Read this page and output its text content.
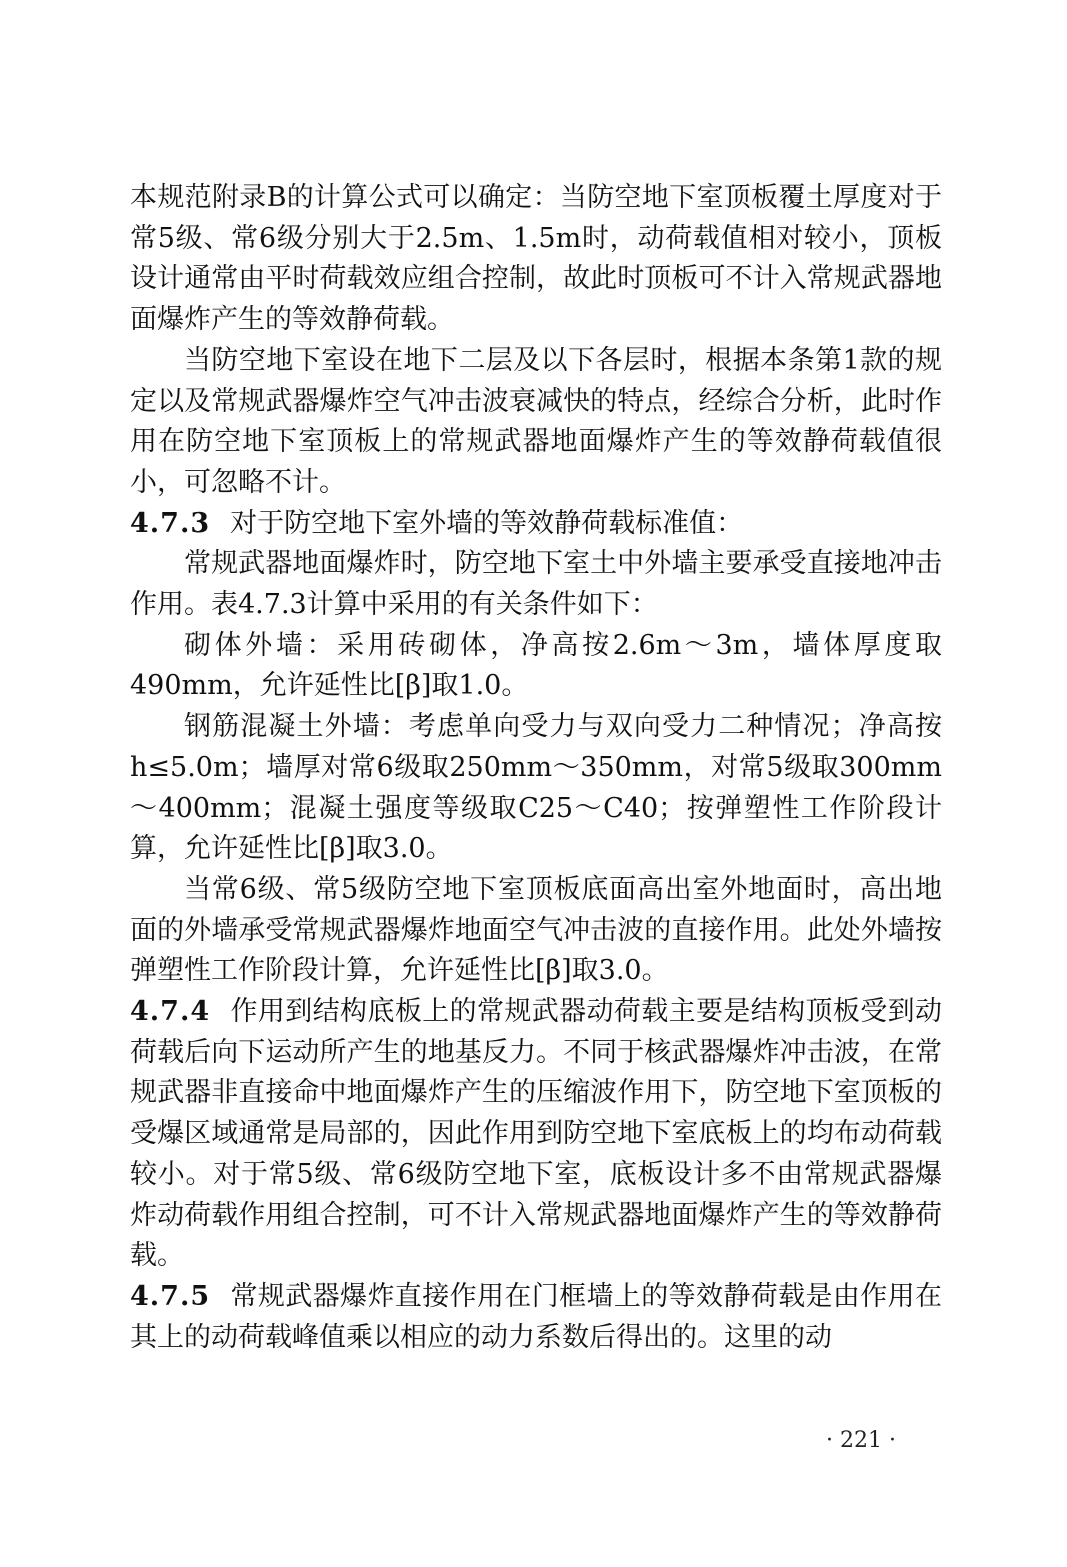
本规范附录B的计算公式可以确定：当防空地下室顶板覆土厚度对于常5级、常6级分别大于2.5m、1.5m时，动荷载值相对较小，顶板设计通常由平时荷载效应组合控制，故此时顶板可不计入常规武器地面爆炸产生的等效静荷载。

当防空地下室设在地下二层及以下各层时，根据本条第1款的规定以及常规武器爆炸空气冲击波衰减快的特点，经综合分析，此时作用在防空地下室顶板上的常规武器地面爆炸产生的等效静荷载值很小，可忽略不计。

4.7.3 对于防空地下室外墙的等效静荷载标准值：

常规武器地面爆炸时，防空地下室土中外墙主要承受直接地冲击作用。表4.7.3计算中采用的有关条件如下：

砌体外墙：采用砖砌体，净高按2.6m～3m，墙体厚度取490mm，允许延性比[β]取1.0。

钢筋混凝土外墙：考虑单向受力与双向受力二种情况；净高按h≤5.0m；墙厚对常6级取250mm～350mm，对常5级取300mm～400mm；混凝土强度等级取C25～C40；按弹塑性工作阶段计算，允许延性比[β]取3.0。

当常6级、常5级防空地下室顶板底面高出室外地面时，高出地面的外墙承受常规武器爆炸地面空气冲击波的直接作用。此处外墙按弹塑性工作阶段计算，允许延性比[β]取3.0。

4.7.4 作用到结构底板上的常规武器动荷载主要是结构顶板受到动荷载后向下运动所产生的地基反力。不同于核武器爆炸冲击波，在常规武器非直接命中地面爆炸产生的压缩波作用下，防空地下室顶板的受爆区域通常是局部的，因此作用到防空地下室底板上的均布动荷载较小。对于常5级、常6级防空地下室，底板设计多不由常规武器爆炸动荷载作用组合控制，可不计入常规武器地面爆炸产生的等效静荷载。

4.7.5 常规武器爆炸直接作用在门框墙上的等效静荷载是由作用在其上的动荷载峰值乘以相应的动力系数后得出的。这里的动

· 221 ·
